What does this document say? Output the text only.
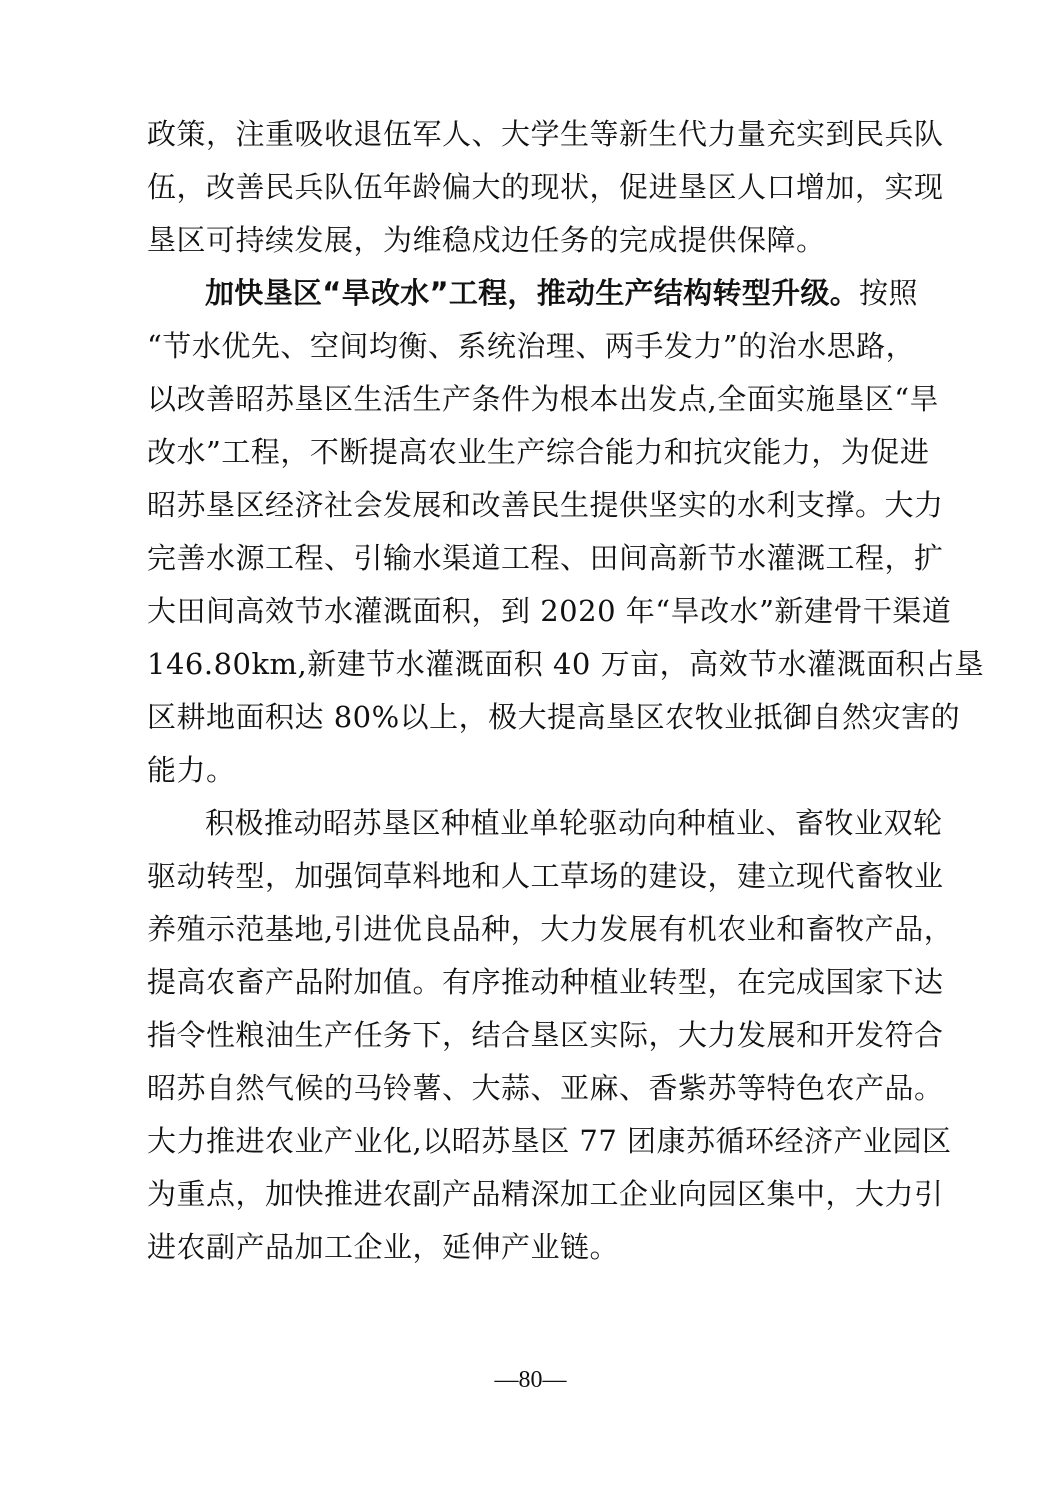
政策，注重吸收退伍军人、大学生等新生代力量充实到民兵队
伍，改善民兵队伍年龄偏大的现状，促进垦区人口增加，实现
垦区可持续发展，为维稳戍边任务的完成提供保障。
加快垦区“旱改水”工程，推动生产结构转型升级。按照
“节水优先、空间均衡、系统治理、两手发力”的治水思路，
以改善昭苏垦区生活生产条件为根本出发点,全面实施垦区“旱
改水”工程，不断提高农业生产综合能力和抗灾能力，为促进
昭苏垦区经济社会发展和改善民生提供坚实的水利支撑。大力
完善水源工程、引输水渠道工程、田间高新节水灌溉工程，扩
大田间高效节水灌溉面积，到 2020 年“旱改水”新建骨干渠道
146.80km,新建节水灌溉面积 40 万亩，高效节水灌溉面积占垦
区耕地面积达 80%以上，极大提高垦区农牧业抵御自然灾害的
能力。
积极推动昭苏垦区种植业单轮驱动向种植业、畜牧业双轮
驱动转型，加强饲草料地和人工草场的建设，建立现代畜牧业
养殖示范基地,引进优良品种，大力发展有机农业和畜牧产品，
提高农畜产品附加值。有序推动种植业转型，在完成国家下达
指令性粮油生产任务下，结合垦区实际，大力发展和开发符合
昭苏自然气候的马铃薯、大蒜、亚麻、香紫苏等特色农产品。
大力推进农业产业化,以昭苏垦区 77 团康苏循环经济产业园区
为重点，加快推进农副产品精深加工企业向园区集中，大力引
进农副产品加工企业，延伸产业链。
—80—
